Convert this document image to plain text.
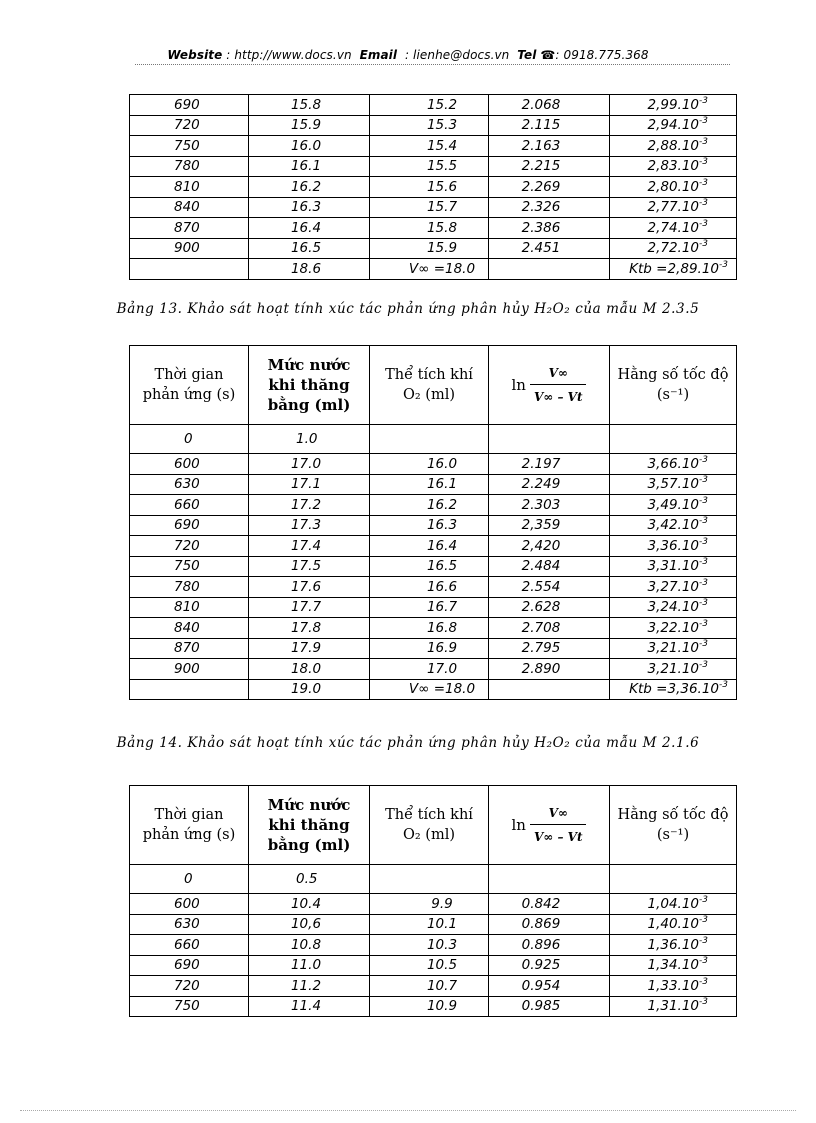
Website : http://www.docs.vn Email : lienhe@docs.vn Tel ☎: 0918.775.368
690	15.8	15.2	2.068	$2,99.10^{-3}$
720	15.9	15.3	2.115	$2,94.10^{-3}$
750	16.0	15.4	2.163	$2,88.10^{-3}$
780	16.1	15.5	2.215	$2,83.10^{-3}$
810	16.2	15.6	2.269	$2,80.10^{-3}$
840	16.3	15.7	2.326	$2,77.10^{-3}$
870	16.4	15.8	2.386	$2,74.10^{-3}$
900	16.5	15.9	2.451	$2,72.10^{-3}$
	18.6	V∞ =18.0		Ktb $=2,89.10^{-3}$
Bảng 13. Khảo sát hoạt tính xúc tác phản ứng phân hủy H₂O₂ của mẫu M 2.3.5
Thời gian phản ứng (s)	Mức nước khi thăng bằng (ml)	Thể tích khí O₂ (ml)	$\ln \frac{V\infty}{V\infty - Vt}$	Hằng số tốc độ (s⁻¹)
0	1.0			
600	17.0	16.0	2.197	$3,66.10^{-3}$
630	17.1	16.1	2.249	$3,57.10^{-3}$
660	17.2	16.2	2.303	$3,49.10^{-3}$
690	17.3	16.3	2,359	$3,42.10^{-3}$
720	17.4	16.4	2,420	$3,36.10^{-3}$
750	17.5	16.5	2.484	$3,31.10^{-3}$
780	17.6	16.6	2.554	$3,27.10^{-3}$
810	17.7	16.7	2.628	$3,24.10^{-3}$
840	17.8	16.8	2.708	$3,22.10^{-3}$
870	17.9	16.9	2.795	$3,21.10^{-3}$
900	18.0	17.0	2.890	$3,21.10^{-3}$
	19.0	V∞ =18.0		Ktb $=3,36.10^{-3}$
Bảng 14. Khảo sát hoạt tính xúc tác phản ứng phân hủy H₂O₂ của mẫu M 2.1.6
Thời gian phản ứng (s)	Mức nước khi thăng bằng (ml)	Thể tích khí O₂ (ml)	$\ln \frac{V\infty}{V\infty - Vt}$	Hằng số tốc độ (s⁻¹)
0	0.5			
600	10.4	9.9	0.842	$1,04.10^{-3}$
630	10,6	10.1	0.869	$1,40.10^{-3}$
660	10.8	10.3	0.896	$1,36.10^{-3}$
690	11.0	10.5	0.925	$1,34.10^{-3}$
720	11.2	10.7	0.954	$1,33.10^{-3}$
750	11.4	10.9	0.985	$1,31.10^{-3}$
